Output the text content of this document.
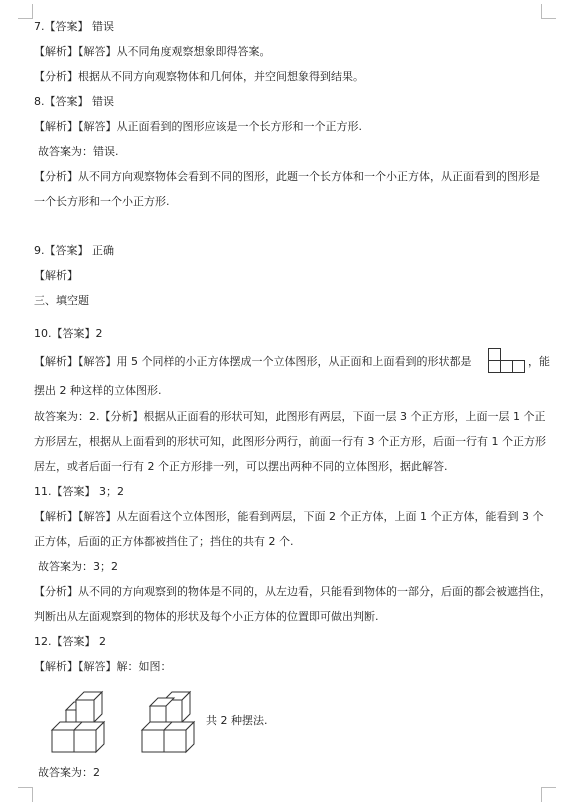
7.【答案】 错误
【解析】【解答】从不同角度观察想象即得答案。
【分析】根据从不同方向观察物体和几何体，并空间想象得到结果。
8.【答案】 错误
【解析】【解答】从正面看到的图形应该是一个长方形和一个正方形.
故答案为：错误.
【分析】从不同方向观察物体会看到不同的图形，此题一个长方体和一个小正方体，从正面看到的图形是
一个长方形和一个小正方形.
9.【答案】 正确
【解析】
三、填空题
10.【答案】2
【解析】【解答】用 5 个同样的小正方体摆成一个立体图形，从正面和上面看到的形状都是	，能
摆出 2 种这样的立体图形.
故答案为：2.【分析】根据从正面看的形状可知，此图形有两层，下面一层 3 个正方形，上面一层 1 个正
方形居左，根据从上面看到的形状可知，此图形分两行，前面一行有 3 个正方形，后面一行有 1 个正方形
居左，或者后面一行有 2 个正方形排一列，可以摆出两种不同的立体图形，据此解答.
11.【答案】 3；2
【解析】【解答】从左面看这个立体图形，能看到两层，下面 2 个正方体，上面 1 个正方体，能看到 3 个
正方体，后面的正方体都被挡住了；挡住的共有 2 个.
故答案为：3；2
【分析】从不同的方向观察到的物体是不同的，从左边看，只能看到物体的一部分，后面的都会被遮挡住，
判断出从左面观察到的物体的形状及每个小正方体的位置即可做出判断.
12.【答案】 2
【解析】【解答】解：如图：
共 2 种摆法.
故答案为：2
